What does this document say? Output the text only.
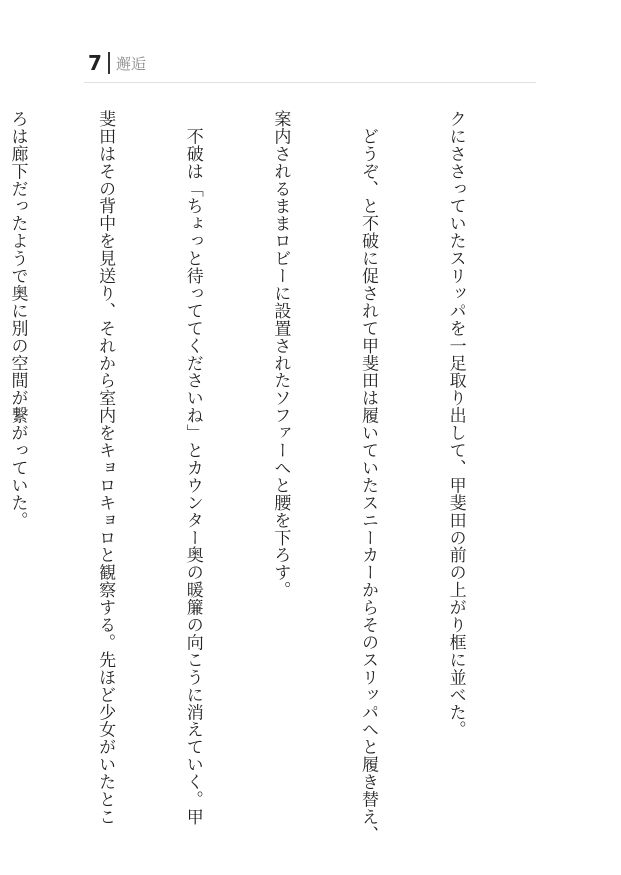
7 邂逅

クにささっていたスリッパを一足取り出して、甲斐田の前の上がり框に並べた。

　どうぞ、と不破に促されて甲斐田は履いていたスニーカーからそのスリッパへと履き替え、

案内されるままロビーに設置されたソファーへと腰を下ろす。

　不破は「ちょっと待っててくださいね」とカウンター奥の暖簾の向こうに消えていく。甲

斐田はその背中を見送り、それから室内をキョロキョロと観察する。先ほど少女がいたとこ

ろは廊下だったようで奥に別の空間が繋がっていた。
